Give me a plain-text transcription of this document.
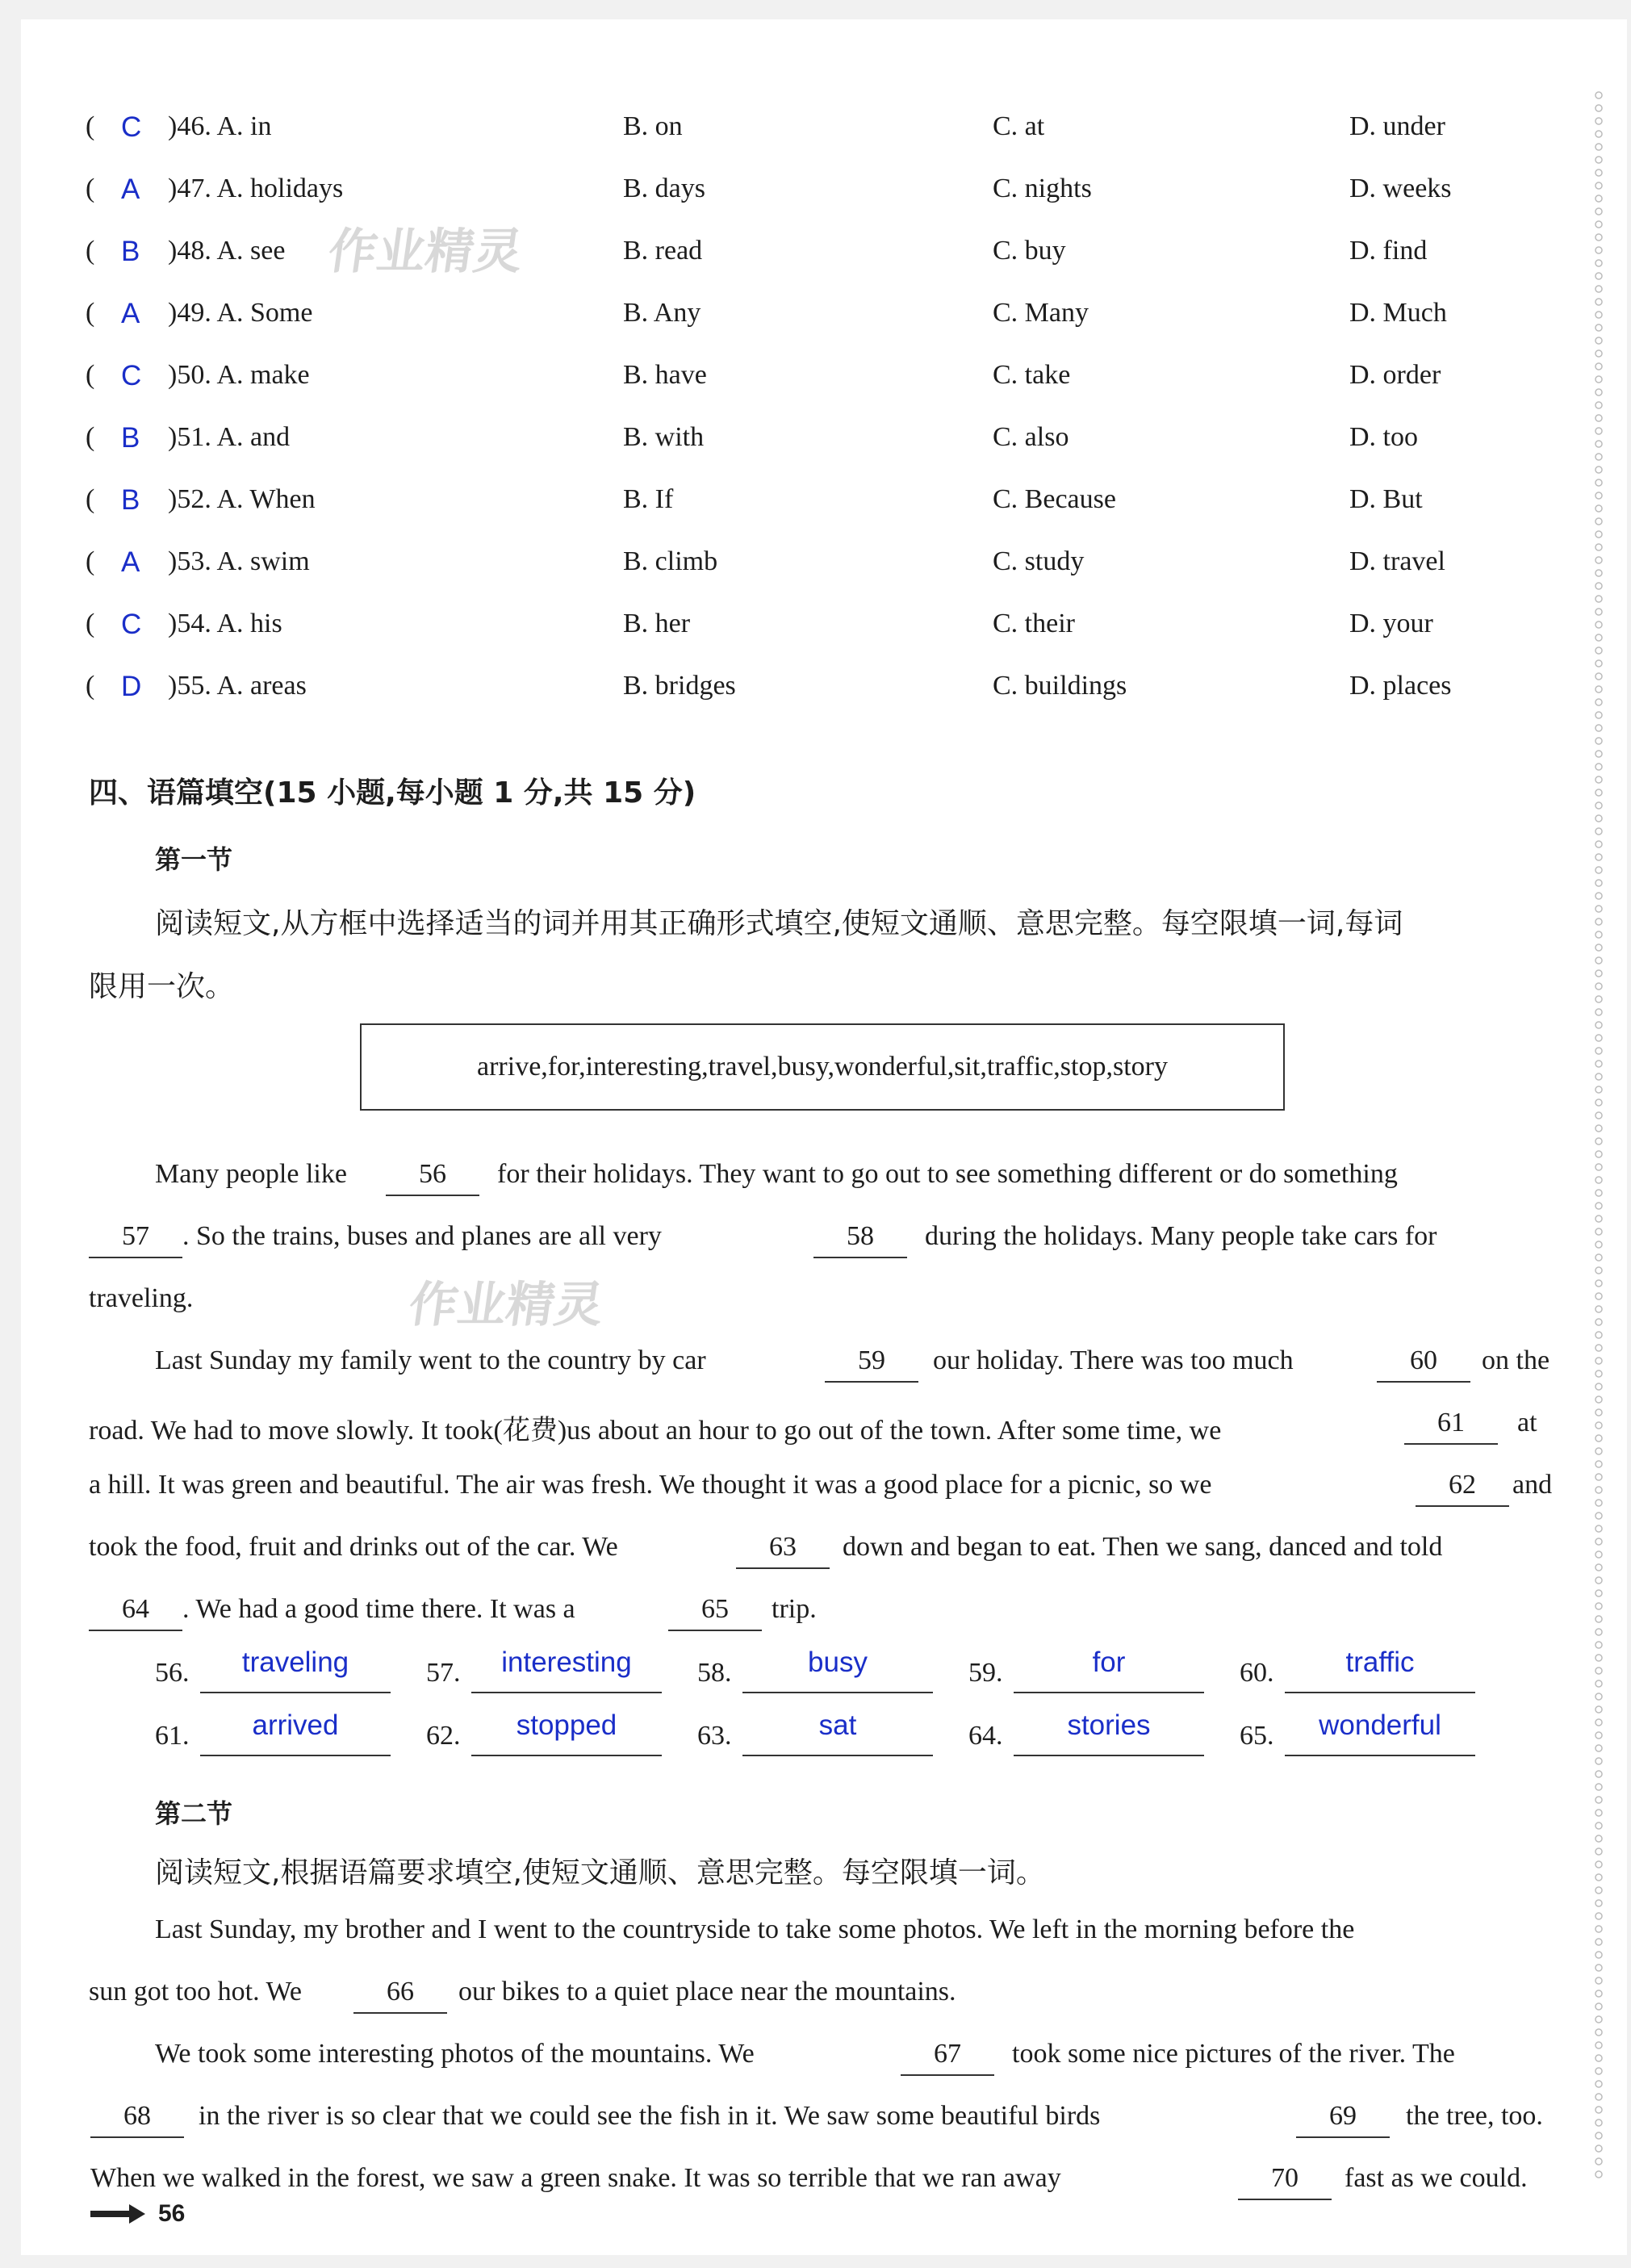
作业精灵
作业精灵
( C )46. A. in	B. on	C. at	D. under
( A )47. A. holidays	B. days	C. nights	D. weeks
( B )48. A. see	B. read	C. buy	D. find
( A )49. A. Some	B. Any	C. Many	D. Much
( C )50. A. make	B. have	C. take	D. order
( B )51. A. and	B. with	C. also	D. too
( B )52. A. When	B. If	C. Because	D. But
( A )53. A. swim	B. climb	C. study	D. travel
( C )54. A. his	B. her	C. their	D. your
( D )55. A. areas	B. bridges	C. buildings	D. places
四、语篇填空(15 小题,每小题 1 分,共 15 分)
第一节
阅读短文,从方框中选择适当的词并用其正确形式填空,使短文通顺、意思完整。每空限填一词,每词
限用一次。
arrive,for,interesting,travel,busy,wonderful,sit,traffic,stop,story
Many people like	56	for their holidays. They want to go out to see something different or do something
57	. So the trains, buses and planes are all very	58	during the holidays. Many people take cars for
traveling.
Last Sunday my family went to the country by car	59	our holiday. There was too much	60	on the
road. We had to move slowly. It took(花费)us about an hour to go out of the town. After some time, we	61	at
a hill. It was green and beautiful. The air was fresh. We thought it was a good place for a picnic, so we	62	and
took the food, fruit and drinks out of the car. We	63	down and began to eat. Then we sang, danced and told
64	. We had a good time there. It was a	65	trip.
56.	traveling	57.	interesting	58.	busy	59.	for	60.	traffic
61.	arrived	62.	stopped	63.	sat	64.	stories	65.	wonderful
第二节
阅读短文,根据语篇要求填空,使短文通顺、意思完整。每空限填一词。
Last Sunday, my brother and I went to the countryside to take some photos. We left in the morning before the
sun got too hot. We	66	our bikes to a quiet place near the mountains.
We took some interesting photos of the mountains. We	67	took some nice pictures of the river. The
68	in the river is so clear that we could see the fish in it. We saw some beautiful birds	69	the tree, too.
When we walked in the forest, we saw a green snake. It was so terrible that we ran away	70	fast as we could.
56
